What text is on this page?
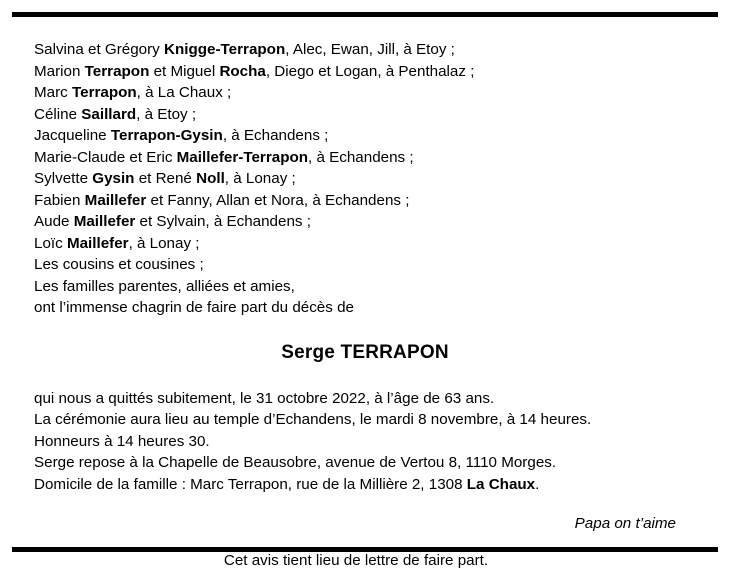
Salvina et Grégory Knigge-Terrapon, Alec, Ewan, Jill, à Etoy ;
Marion Terrapon et Miguel Rocha, Diego et Logan, à Penthalaz ;
Marc Terrapon, à La Chaux ;
Céline Saillard, à Etoy ;
Jacqueline Terrapon-Gysin, à Echandens ;
Marie-Claude et Eric Maillefer-Terrapon, à Echandens ;
Sylvette Gysin et René Noll, à Lonay ;
Fabien Maillefer et Fanny, Allan et Nora, à Echandens ;
Aude Maillefer et Sylvain, à Echandens ;
Loïc Maillefer, à Lonay ;
Les cousins et cousines ;
Les familles parentes, alliées et amies,
ont l’immense chagrin de faire part du décès de
Serge TERRAPON
qui nous a quittés subitement, le 31 octobre 2022, à l’âge de 63 ans.
La cérémonie aura lieu au temple d’Echandens, le mardi 8 novembre, à 14 heures.
Honneurs à 14 heures 30.
Serge repose à la Chapelle de Beausobre, avenue de Vertou 8, 1110 Morges.
Domicile de la famille : Marc Terrapon, rue de la Millière 2, 1308 La Chaux.
Papa on t’aime
Cet avis tient lieu de lettre de faire part.
